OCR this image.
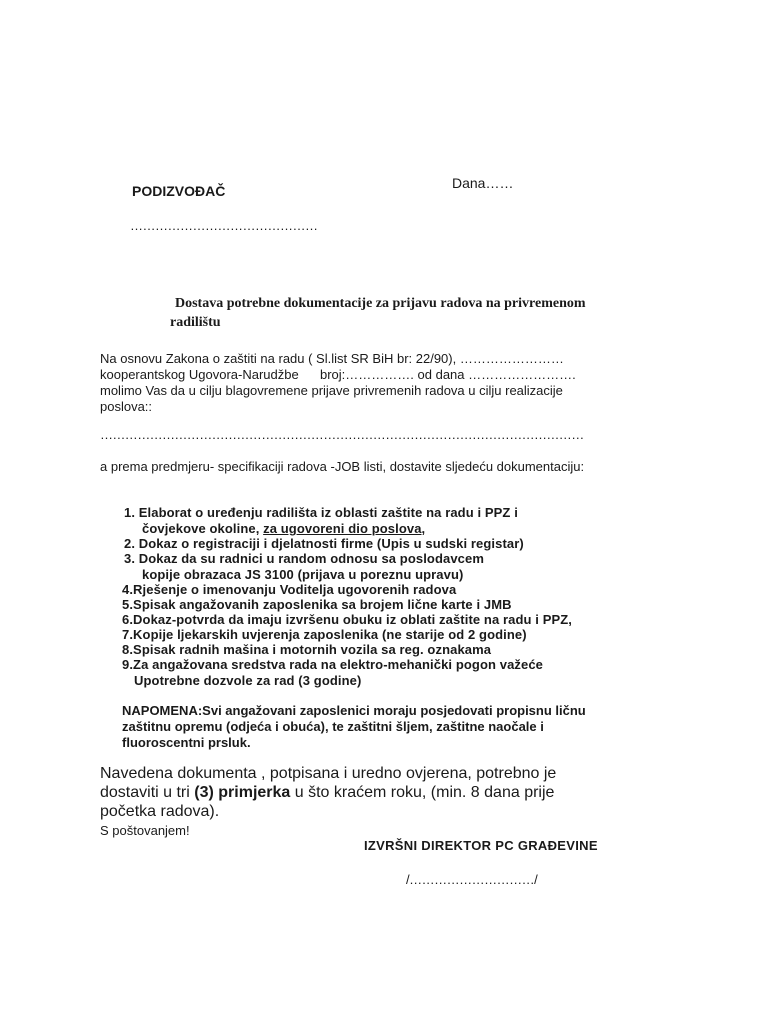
PODIZVOĐAČ	Dana……
………………………………………
Dostava potrebne dokumentacije za prijavu radova na privremenom
radilištu
Na osnovu Zakona o zaštiti na radu ( Sl.list SR BiH br: 22/90), ……………………
kooperantskog Ugovora-Narudžbe broj:……………. od dana …………………….
molimo Vas da u cilju blagovremene prijave privremenih radova u cilju realizacije
poslova::
………………………………………………………………………………………………………
a prema predmjeru- specifikaciji radova -JOB listi, dostavite sljedeću dokumentaciju:
1. Elaborat o uređenju radilišta iz oblasti zaštite na radu i PPZ i
čovjekove okoline, za ugovoreni dio poslova,
2. Dokaz o registraciji i djelatnosti firme (Upis u sudski registar)
3. Dokaz da su radnici u random odnosu sa poslodavcem
kopije obrazaca JS 3100 (prijava u poreznu upravu)
4.Rješenje o imenovanju Voditelja ugovorenih radova
5.Spisak angažovanih zaposlenika sa brojem lične karte i JMB
6.Dokaz-potvrda da imaju izvršenu obuku iz oblati zaštite na radu i PPZ,
7.Kopije ljekarskih uvjerenja zaposlenika (ne starije od 2 godine)
8.Spisak radnih mašina i motornih vozila sa reg. oznakama
9.Za angažovana sredstva rada na elektro-mehanički pogon važeće
Upotrebne dozvole za rad (3 godine)
NAPOMENA:Svi angažovani zaposlenici moraju posjedovati propisnu ličnu
zaštitnu opremu (odjeća i obuća), te zaštitni šljem, zaštitne naočale i
fluoroscentni prsluk.
Navedena dokumenta , potpisana i uredno ovjerena, potrebno je
dostaviti u tri (3) primjerka u što kraćem roku, (min. 8 dana prije
početka radova).
S poštovanjem!
IZVRŠNI DIREKTOR PC GRAĐEVINE
/…………………………/
